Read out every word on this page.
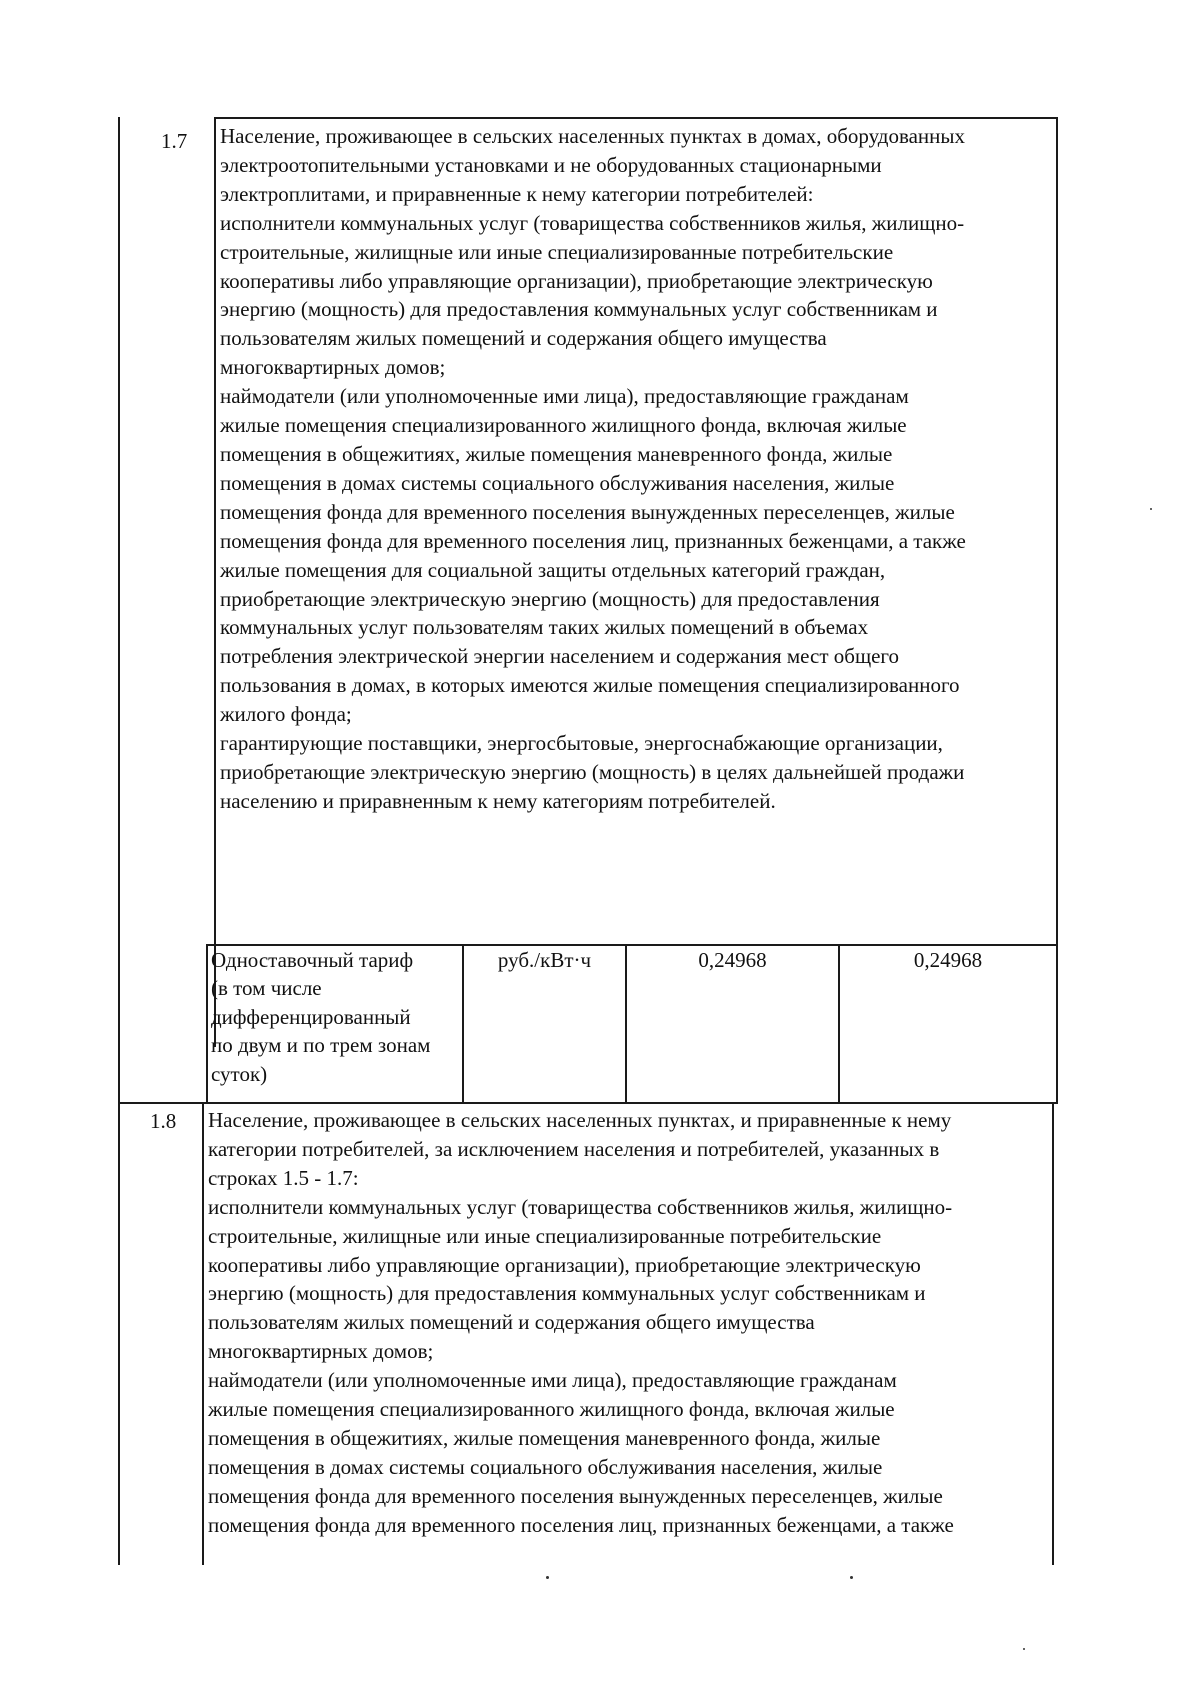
1.7 Население, проживающее в сельских населенных пунктах в домах, оборудованных
электроотопительными установками и не оборудованных стационарными
электроплитами, и приравненные к нему категории потребителей:
исполнители коммунальных услуг (товарищества собственников жилья, жилищно-
строительные, жилищные или иные специализированные потребительские
кооперативы либо управляющие организации), приобретающие электрическую
энергию (мощность) для предоставления коммунальных услуг собственникам и
пользователям жилых помещений и содержания общего имущества
многоквартирных домов;
наймодатели (или уполномоченные ими лица), предоставляющие гражданам
жилые помещения специализированного жилищного фонда, включая жилые
помещения в общежитиях, жилые помещения маневренного фонда, жилые
помещения в домах системы социального обслуживания населения, жилые
помещения фонда для временного поселения вынужденных переселенцев, жилые
помещения фонда для временного поселения лиц, признанных беженцами, а также
жилые помещения для социальной защиты отдельных категорий граждан,
приобретающие электрическую энергию (мощность) для предоставления
коммунальных услуг пользователям таких жилых помещений в объемах
потребления электрической энергии населением и содержания мест общего
пользования в домах, в которых имеются жилые помещения специализированного
жилого фонда;
гарантирующие поставщики, энергосбытовые, энергоснабжающие организации,
приобретающие электрическую энергию (мощность) в целях дальнейшей продажи
населению и приравненным к нему категориям потребителей.
Одноставочный тариф
(в том числе
дифференцированный
по двум и по трем зонам
суток)
руб./кВт·ч	0,24968	0,24968
1.8 Население, проживающее в сельских населенных пунктах, и приравненные к нему
категории потребителей, за исключением населения и потребителей, указанных в
строках 1.5 - 1.7:
исполнители коммунальных услуг (товарищества собственников жилья, жилищно-
строительные, жилищные или иные специализированные потребительские
кооперативы либо управляющие организации), приобретающие электрическую
энергию (мощность) для предоставления коммунальных услуг собственникам и
пользователям жилых помещений и содержания общего имущества
многоквартирных домов;
наймодатели (или уполномоченные ими лица), предоставляющие гражданам
жилые помещения специализированного жилищного фонда, включая жилые
помещения в общежитиях, жилые помещения маневренного фонда, жилые
помещения в домах системы социального обслуживания населения, жилые
помещения фонда для временного поселения вынужденных переселенцев, жилые
помещения фонда для временного поселения лиц, признанных беженцами, а также
